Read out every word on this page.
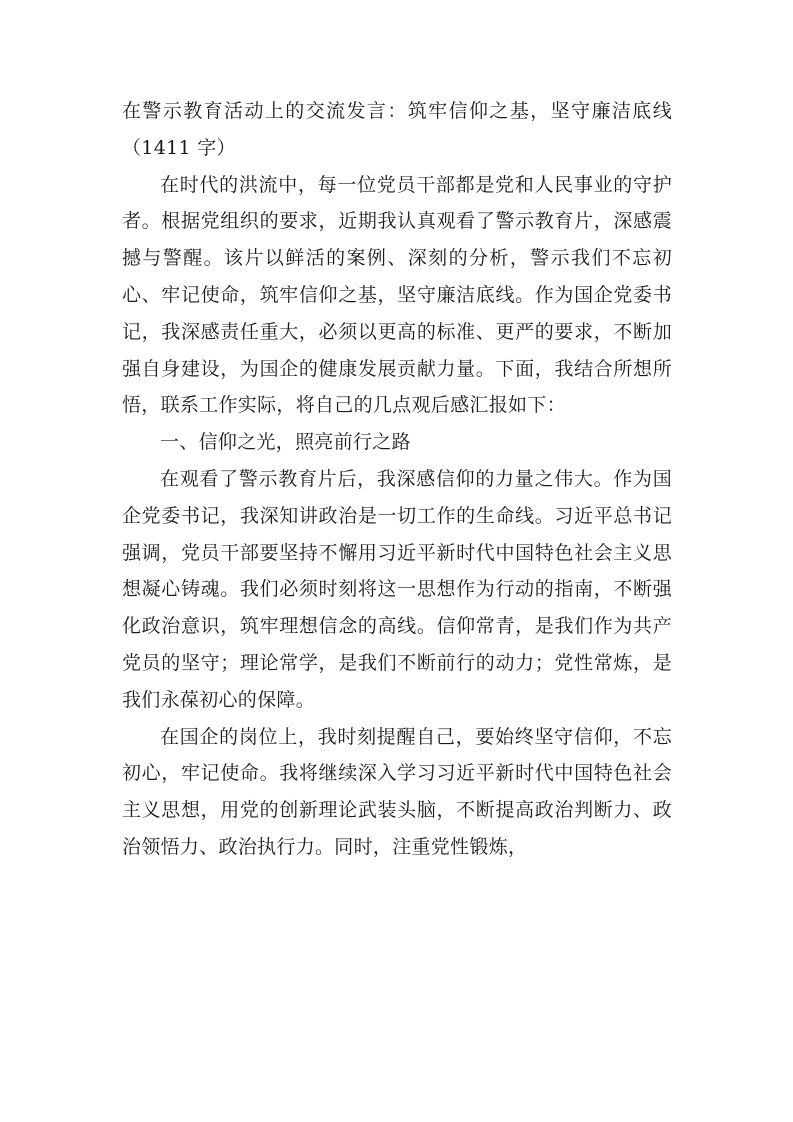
在警示教育活动上的交流发言：筑牢信仰之基，坚守廉洁底线（1411 字）

在时代的洪流中，每一位党员干部都是党和人民事业的守护者。根据党组织的要求，近期我认真观看了警示教育片，深感震撼与警醒。该片以鲜活的案例、深刻的分析，警示我们不忘初心、牢记使命，筑牢信仰之基，坚守廉洁底线。作为国企党委书记，我深感责任重大，必须以更高的标准、更严的要求，不断加强自身建设，为国企的健康发展贡献力量。下面，我结合所想所悟，联系工作实际，将自己的几点观后感汇报如下：

一、信仰之光，照亮前行之路

在观看了警示教育片后，我深感信仰的力量之伟大。作为国企党委书记，我深知讲政治是一切工作的生命线。习近平总书记强调，党员干部要坚持不懈用习近平新时代中国特色社会主义思想凝心铸魂。我们必须时刻将这一思想作为行动的指南，不断强化政治意识，筑牢理想信念的高线。信仰常青，是我们作为共产党员的坚守；理论常学，是我们不断前行的动力；党性常炼，是我们永葆初心的保障。

在国企的岗位上，我时刻提醒自己，要始终坚守信仰，不忘初心，牢记使命。我将继续深入学习习近平新时代中国特色社会主义思想，用党的创新理论武装头脑，不断提高政治判断力、政治领悟力、政治执行力。同时，注重党性锻炼，
